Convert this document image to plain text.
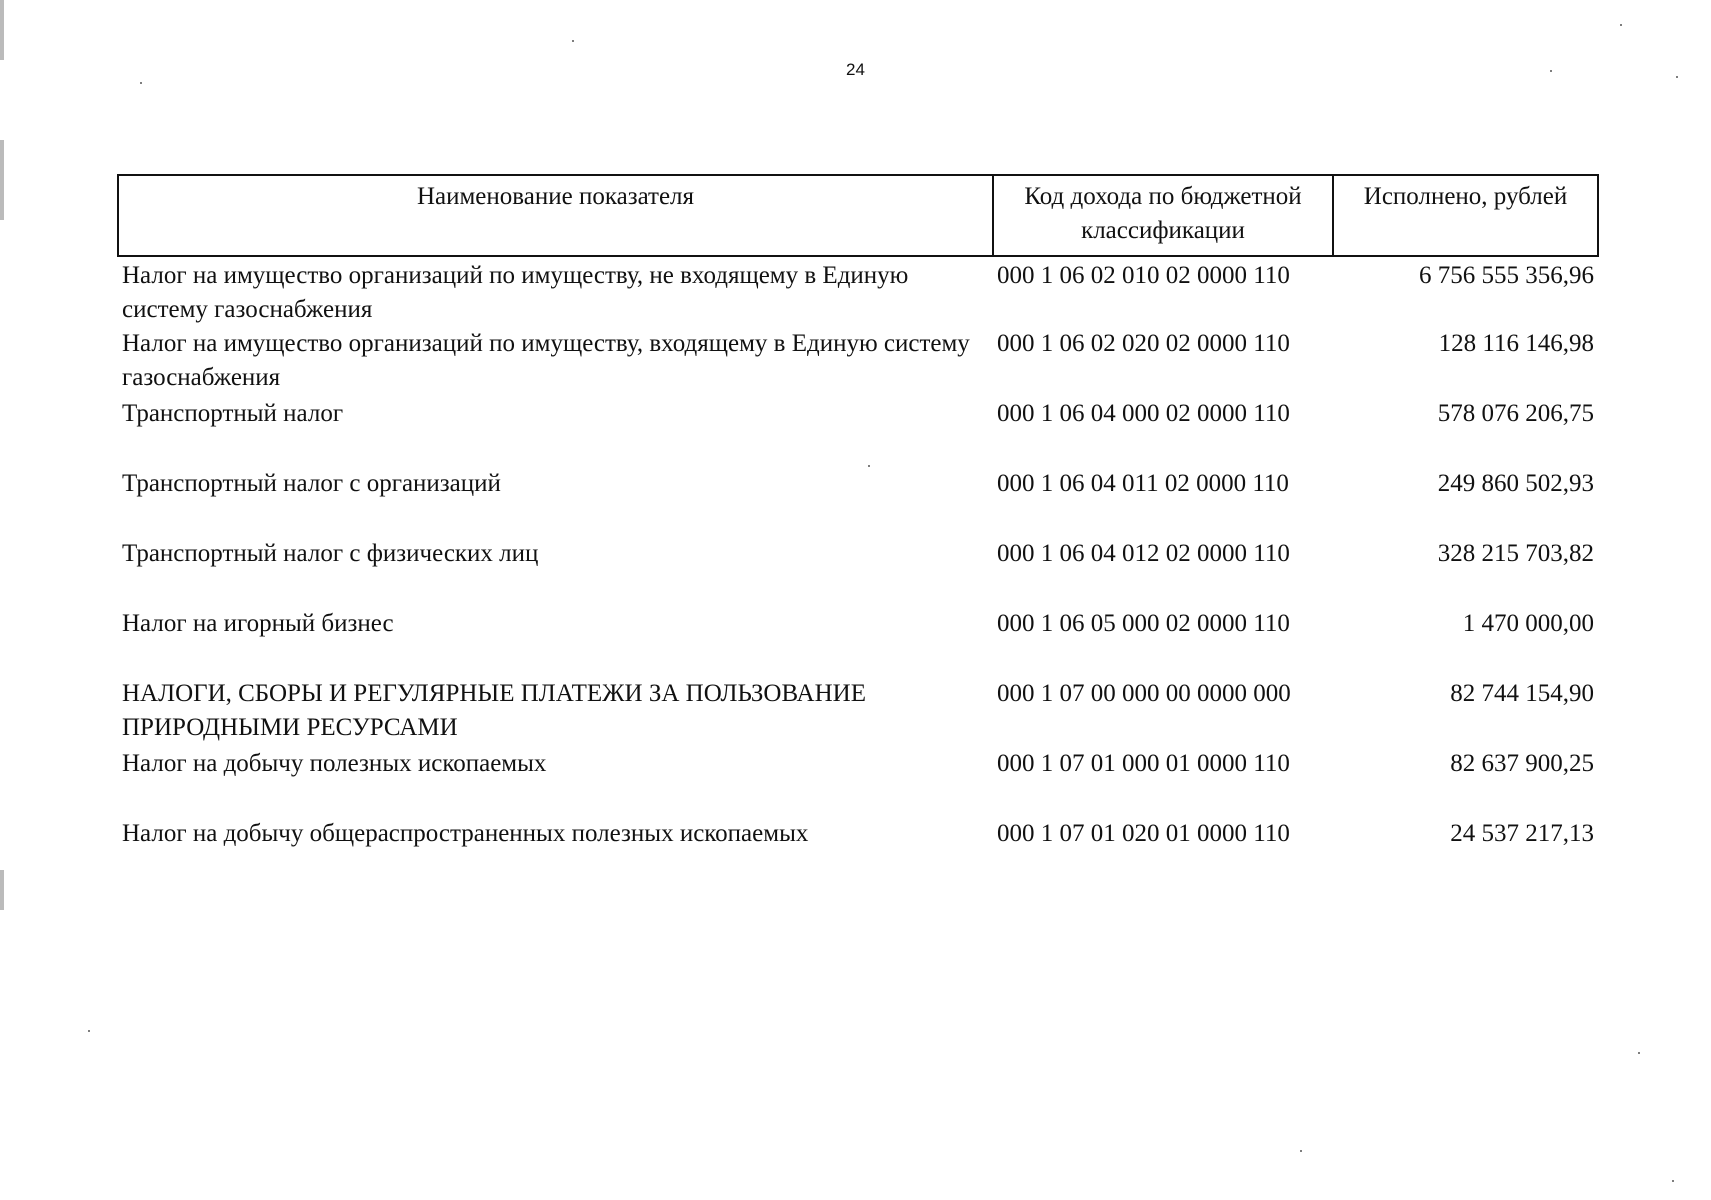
24
Наименование показателя	Код дохода по бюджетной классификации	Исполнено, рублей
Налог на имущество организаций по имуществу, не входящему в Единую систему газоснабжения	000 1 06 02 010 02 0000 110	6 756 555 356,96
Налог на имущество организаций по имуществу, входящему в Единую систему газоснабжения	000 1 06 02 020 02 0000 110	128 116 146,98
Транспортный налог	000 1 06 04 000 02 0000 110	578 076 206,75
Транспортный налог с организаций	000 1 06 04 011 02 0000 110	249 860 502,93
Транспортный налог с физических лиц	000 1 06 04 012 02 0000 110	328 215 703,82
Налог на игорный бизнес	000 1 06 05 000 02 0000 110	1 470 000,00
НАЛОГИ, СБОРЫ И РЕГУЛЯРНЫЕ ПЛАТЕЖИ ЗА ПОЛЬЗОВАНИЕ ПРИРОДНЫМИ РЕСУРСАМИ	000 1 07 00 000 00 0000 000	82 744 154,90
Налог на добычу полезных ископаемых	000 1 07 01 000 01 0000 110	82 637 900,25
Налог на добычу общераспространенных полезных ископаемых	000 1 07 01 020 01 0000 110	24 537 217,13
